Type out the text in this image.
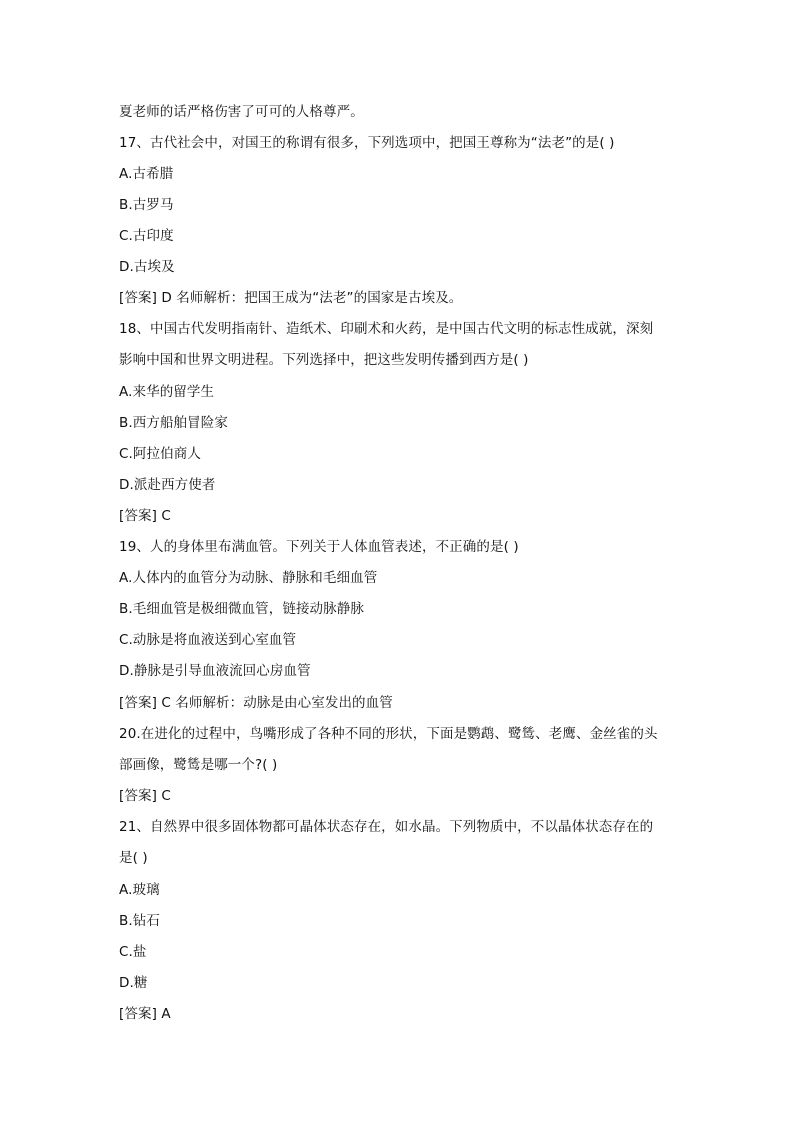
夏老师的话严格伤害了可可的人格尊严。
17、古代社会中，对国王的称谓有很多，下列选项中，把国王尊称为“法老”的是( )
A.古希腊
B.古罗马
C.古印度
D.古埃及
[答案] D 名师解析：把国王成为“法老”的国家是古埃及。
18、中国古代发明指南针、造纸术、印刷术和火药，是中国古代文明的标志性成就，深刻
影响中国和世界文明进程。下列选择中，把这些发明传播到西方是( )
A.来华的留学生
B.西方船舶冒险家
C.阿拉伯商人
D.派赴西方使者
[答案] C
19、人的身体里布满血管。下列关于人体血管表述，不正确的是( )
A.人体内的血管分为动脉、静脉和毛细血管
B.毛细血管是极细微血管，链接动脉静脉
C.动脉是将血液送到心室血管
D.静脉是引导血液流回心房血管
[答案] C 名师解析：动脉是由心室发出的血管
20.在进化的过程中，鸟嘴形成了各种不同的形状，下面是鹦鹉、鹭鸶、老鹰、金丝雀的头
部画像，鹭鸶是哪一个?( )
[答案] C
21、自然界中很多固体物都可晶体状态存在，如水晶。下列物质中，不以晶体状态存在的
是( )
A.玻璃
B.钻石
C.盐
D.糖
[答案] A
